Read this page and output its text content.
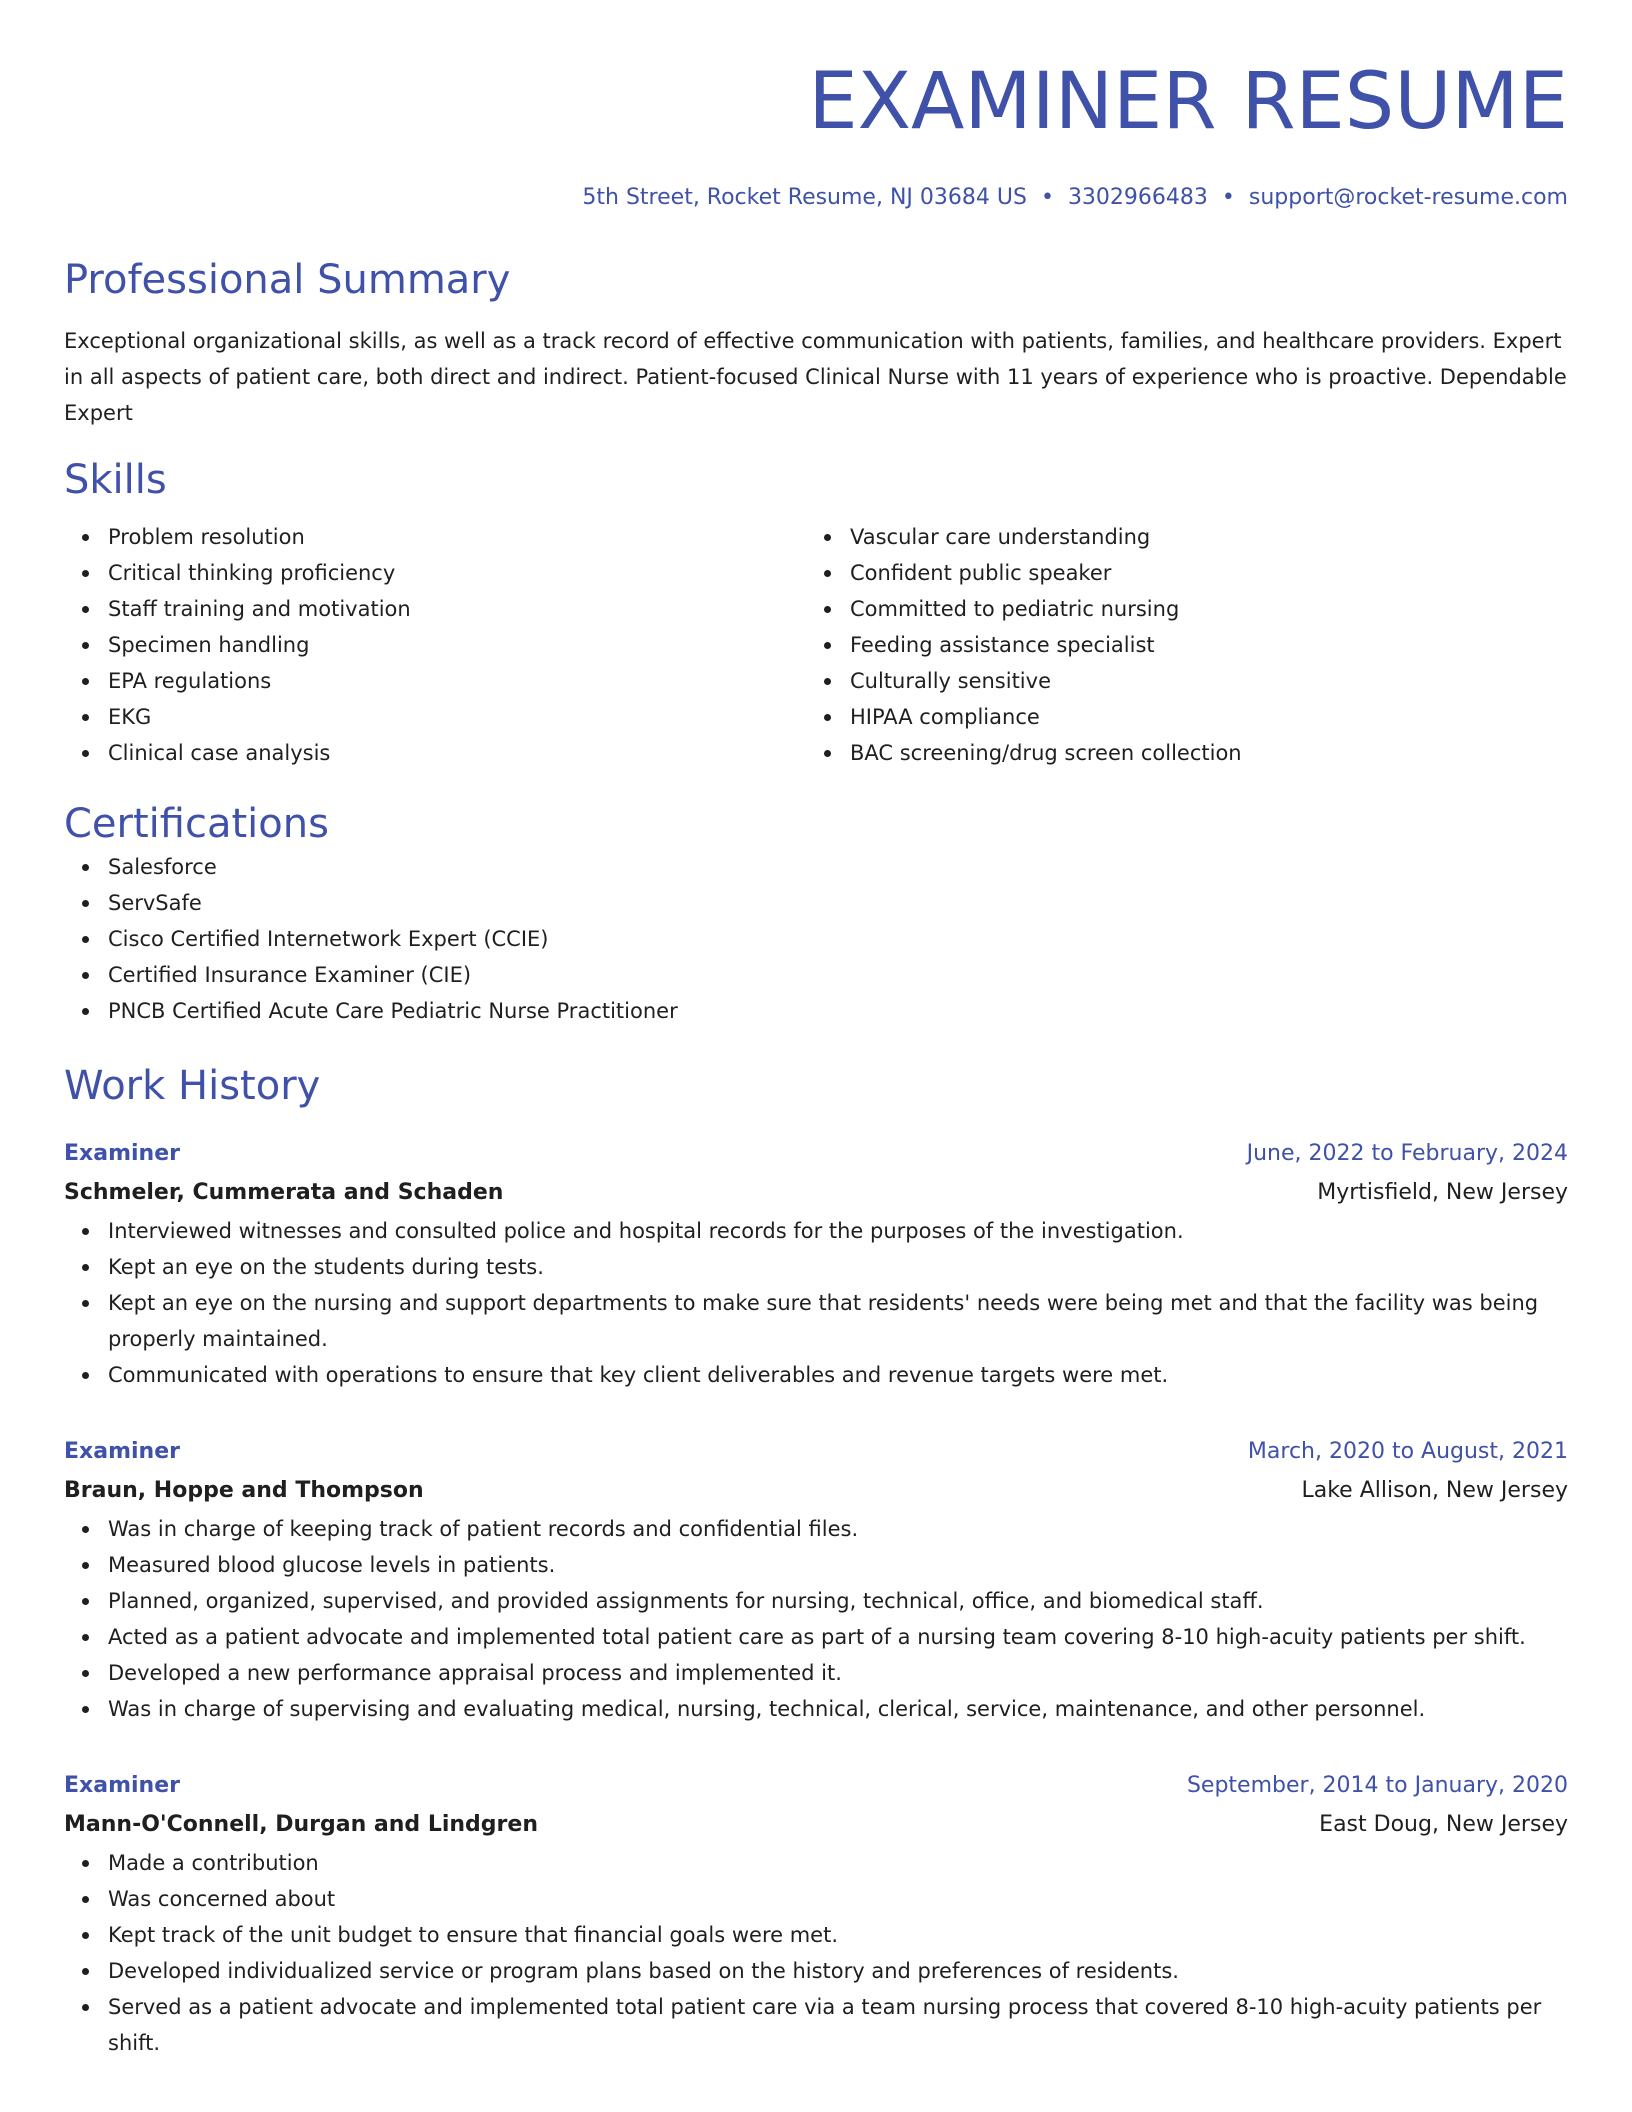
EXAMINER RESUME
5th Street, Rocket Resume, NJ 03684 US • 3302966483 • support@rocket-resume.com
Professional Summary
Exceptional organizational skills, as well as a track record of effective communication with patients, families, and healthcare providers. Expert in all aspects of patient care, both direct and indirect. Patient-focused Clinical Nurse with 11 years of experience who is proactive. Dependable Expert
Skills
Problem resolution
Critical thinking proficiency
Staff training and motivation
Specimen handling
EPA regulations
EKG
Clinical case analysis
Vascular care understanding
Confident public speaker
Committed to pediatric nursing
Feeding assistance specialist
Culturally sensitive
HIPAA compliance
BAC screening/drug screen collection
Certifications
Salesforce
ServSafe
Cisco Certified Internetwork Expert (CCIE)
Certified Insurance Examiner (CIE)
PNCB Certified Acute Care Pediatric Nurse Practitioner
Work History
Examiner	June, 2022 to February, 2024
Schmeler, Cummerata and Schaden	Myrtisfield, New Jersey
Interviewed witnesses and consulted police and hospital records for the purposes of the investigation.
Kept an eye on the students during tests.
Kept an eye on the nursing and support departments to make sure that residents' needs were being met and that the facility was being properly maintained.
Communicated with operations to ensure that key client deliverables and revenue targets were met.
Examiner	March, 2020 to August, 2021
Braun, Hoppe and Thompson	Lake Allison, New Jersey
Was in charge of keeping track of patient records and confidential files.
Measured blood glucose levels in patients.
Planned, organized, supervised, and provided assignments for nursing, technical, office, and biomedical staff.
Acted as a patient advocate and implemented total patient care as part of a nursing team covering 8-10 high-acuity patients per shift.
Developed a new performance appraisal process and implemented it.
Was in charge of supervising and evaluating medical, nursing, technical, clerical, service, maintenance, and other personnel.
Examiner	September, 2014 to January, 2020
Mann-O'Connell, Durgan and Lindgren	East Doug, New Jersey
Made a contribution
Was concerned about
Kept track of the unit budget to ensure that financial goals were met.
Developed individualized service or program plans based on the history and preferences of residents.
Served as a patient advocate and implemented total patient care via a team nursing process that covered 8-10 high-acuity patients per shift.
